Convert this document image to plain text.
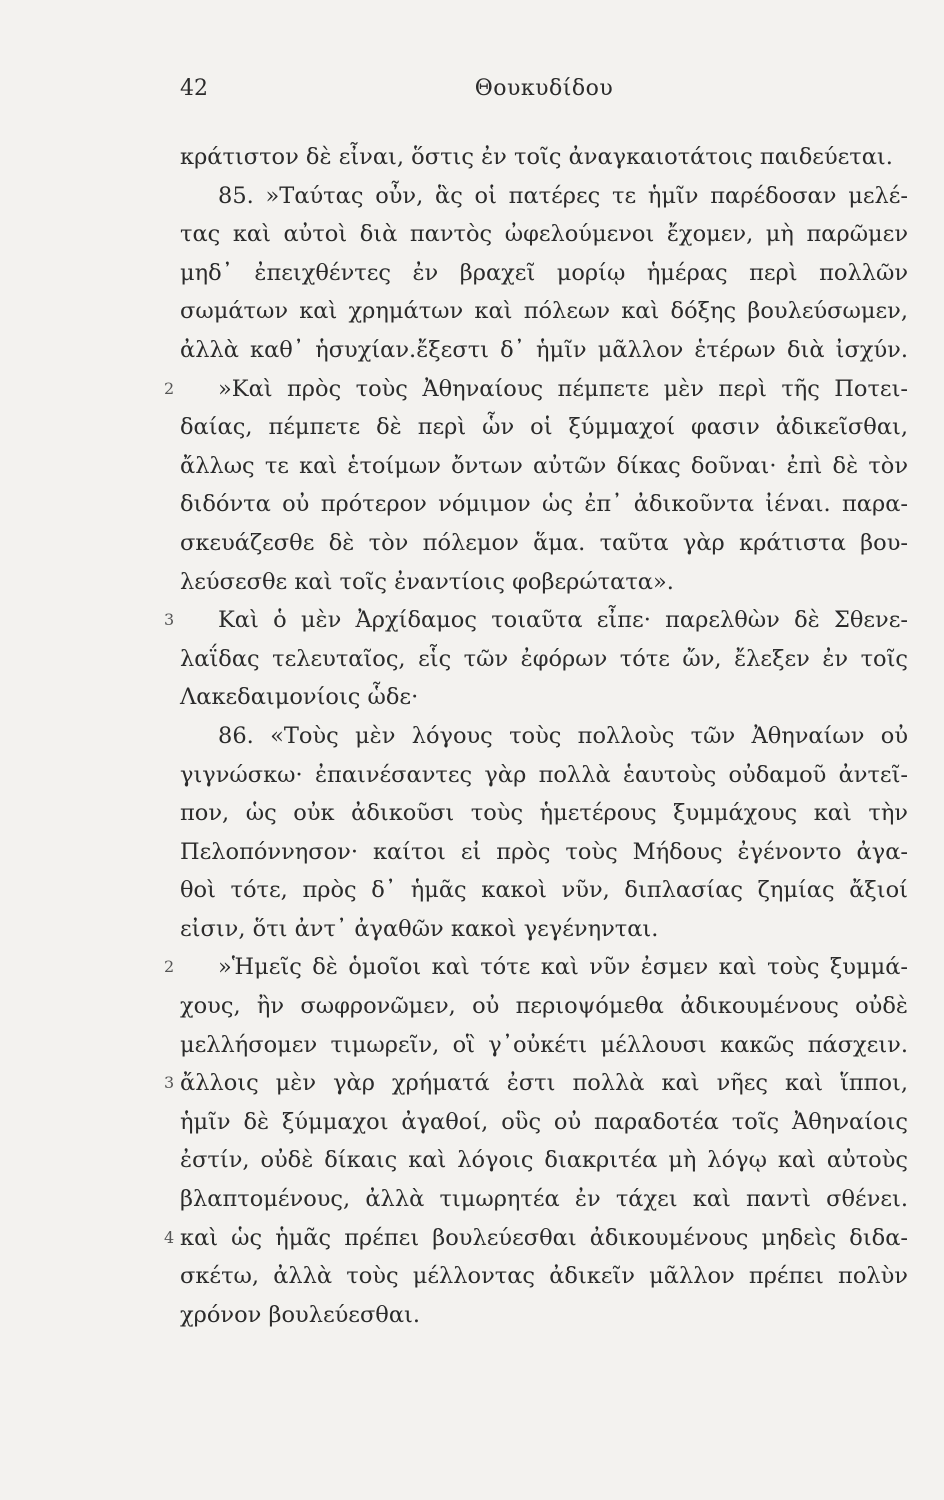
42	Θουκυδίδου
κράτιστον δὲ εἶναι, ὅστις ἐν τοῖς ἀναγκαιοτάτοις παιδεύεται.
85. »Ταύτας οὖν, ἃς οἱ πατέρες τε ἡμῖν παρέδοσαν μελέ-
τας καὶ αὐτοὶ διὰ παντὸς ὠφελούμενοι ἔχομεν, μὴ παρῶμεν
μηδ᾽ ἐπειχθέντες ἐν βραχεῖ μορίῳ ἡμέρας περὶ πολλῶν
σωμάτων καὶ χρημάτων καὶ πόλεων καὶ δόξης βουλεύσωμεν,
ἀλλὰ καθ᾽ ἡσυχίαν.ἔξεστι δ᾽ ἡμῖν μᾶλλον ἑτέρων διὰ ἰσχύν.
2 »Καὶ πρὸς τοὺς Ἀθηναίους πέμπετε μὲν περὶ τῆς Ποτει-
δαίας, πέμπετε δὲ περὶ ὧν οἱ ξύμμαχοί φασιν ἀδικεῖσθαι,
ἄλλως τε καὶ ἑτοίμων ὄντων αὐτῶν δίκας δοῦναι· ἐπὶ δὲ τὸν
διδόντα οὐ πρότερον νόμιμον ὡς ἐπ᾽ ἀδικοῦντα ἰέναι. παρα-
σκευάζεσθε δὲ τὸν πόλεμον ἅμα. ταῦτα γὰρ κράτιστα βου-
λεύσεσθε καὶ τοῖς ἐναντίοις φοβερώτατα».
3 Καὶ ὁ μὲν Ἀρχίδαμος τοιαῦτα εἶπε· παρελθὼν δὲ Σθενε-
λαΐδας τελευταῖος, εἷς τῶν ἐφόρων τότε ὤν, ἔλεξεν ἐν τοῖς
Λακεδαιμονίοις ὧδε·
86. «Τοὺς μὲν λόγους τοὺς πολλοὺς τῶν Ἀθηναίων οὐ
γιγνώσκω· ἐπαινέσαντες γὰρ πολλὰ ἑαυτοὺς οὐδαμοῦ ἀντεῖ-
πον, ὡς οὐκ ἀδικοῦσι τοὺς ἡμετέρους ξυμμάχους καὶ τὴν
Πελοπόννησον· καίτοι εἰ πρὸς τοὺς Μήδους ἐγένοντο ἀγα-
θοὶ τότε, πρὸς δ᾽ ἡμᾶς κακοὶ νῦν, διπλασίας ζημίας ἄξιοί
εἰσιν, ὅτι ἀντ᾽ ἀγαθῶν κακοὶ γεγένηνται.
2 »Ἡμεῖς δὲ ὁμοῖοι καὶ τότε καὶ νῦν ἐσμεν καὶ τοὺς ξυμμά-
χους, ἢν σωφρονῶμεν, οὐ περιοψόμεθα ἀδικουμένους οὐδὲ
μελλήσομεν τιμωρεῖν, οἳ γ᾽οὐκέτι μέλλουσι κακῶς πάσχειν.
3 ἄλλοις μὲν γὰρ χρήματά ἐστι πολλὰ καὶ νῆες καὶ ἵπποι,
ἡμῖν δὲ ξύμμαχοι ἀγαθοί, οὓς οὐ παραδοτέα τοῖς Ἀθηναίοις
ἐστίν, οὐδὲ δίκαις καὶ λόγοις διακριτέα μὴ λόγῳ καὶ αὐτοὺς
βλαπτομένους, ἀλλὰ τιμωρητέα ἐν τάχει καὶ παντὶ σθένει.
4 καὶ ὡς ἡμᾶς πρέπει βουλεύεσθαι ἀδικουμένους μηδεὶς διδα-
σκέτω, ἀλλὰ τοὺς μέλλοντας ἀδικεῖν μᾶλλον πρέπει πολὺν
χρόνον βουλεύεσθαι.
